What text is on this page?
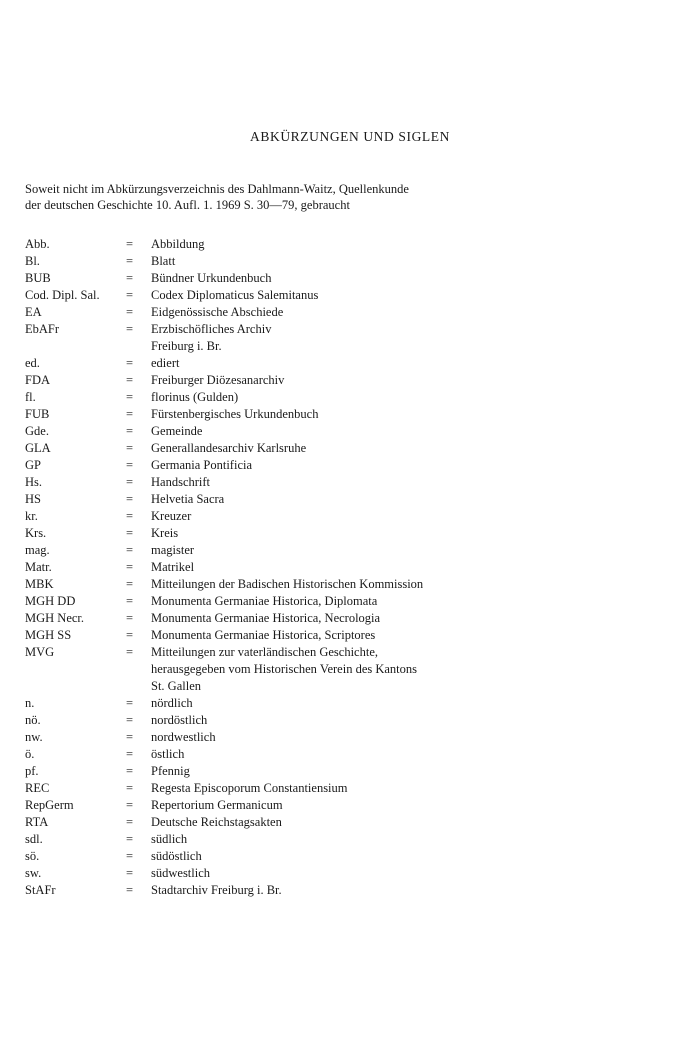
ABKÜRZUNGEN UND SIGLEN
Soweit nicht im Abkürzungsverzeichnis des Dahlmann-Waitz, Quellenkunde
der deutschen Geschichte 10. Aufl. 1. 1969 S. 30—79, gebraucht
Abb.	=	Abbildung
Bl.	=	Blatt
BUB	=	Bündner Urkundenbuch
Cod. Dipl. Sal.	=	Codex Diplomaticus Salemitanus
EA	=	Eidgenössische Abschiede
EbAFr	=	Erzbischöfliches Archiv
Freiburg i. Br.
ed.	=	ediert
FDA	=	Freiburger Diözesanarchiv
fl.	=	florinus (Gulden)
FUB	=	Fürstenbergisches Urkundenbuch
Gde.	=	Gemeinde
GLA	=	Generallandesarchiv Karlsruhe
GP	=	Germania Pontificia
Hs.	=	Handschrift
HS	=	Helvetia Sacra
kr.	=	Kreuzer
Krs.	=	Kreis
mag.	=	magister
Matr.	=	Matrikel
MBK	=	Mitteilungen der Badischen Historischen Kommission
MGH DD	=	Monumenta Germaniae Historica, Diplomata
MGH Necr.	=	Monumenta Germaniae Historica, Necrologia
MGH SS	=	Monumenta Germaniae Historica, Scriptores
MVG	=	Mitteilungen zur vaterländischen Geschichte,
herausgegeben vom Historischen Verein des Kantons
St. Gallen
n.	=	nördlich
nö.	=	nordöstlich
nw.	=	nordwestlich
ö.	=	östlich
pf.	=	Pfennig
REC	=	Regesta Episcoporum Constantiensium
RepGerm	=	Repertorium Germanicum
RTA	=	Deutsche Reichstagsakten
sdl.	=	südlich
sö.	=	südöstlich
sw.	=	südwestlich
StAFr	=	Stadtarchiv Freiburg i. Br.
